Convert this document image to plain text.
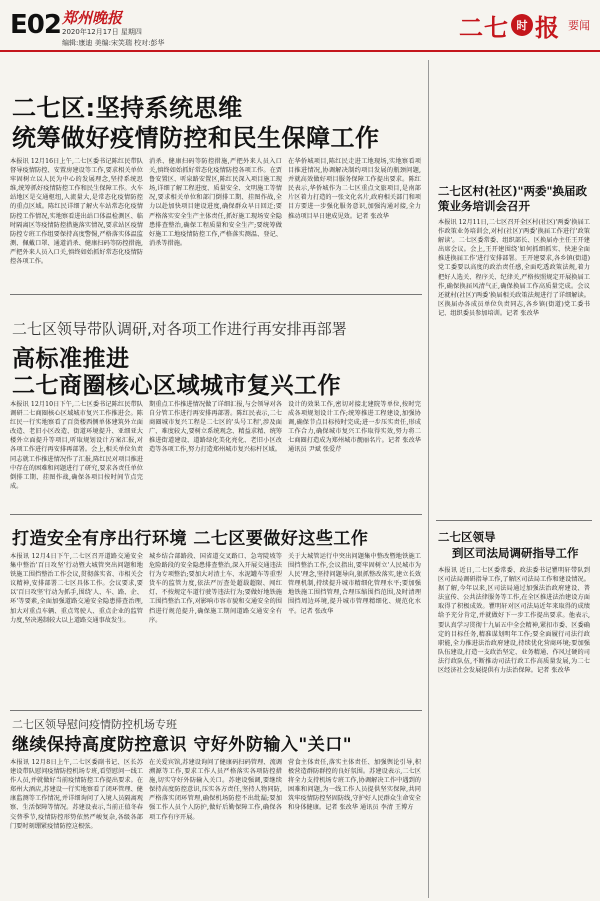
E02 郑州晚报
2020年12月17日 星期四
编辑:康迪 美编:宋笑瑞 校对:彭华
二七 时 报 要闻
二七区:坚持系统思维
统筹做好疫情防控和民生保障工作
本报讯 12月16日上午,二七区委书记陈红民带队督导疫情防控、安置房建设等工作,要求相关单位牢固树立以人民为中心的发展理念,坚持系统思维,统筹抓好疫情防控工作和民生保障工作。火车站地区是交通枢纽,人流量大,是常态化疫情防控的重点区域。陈红民详细了解火车站常态化疫情防控工作情况,实地察看进出站口体温检测区、临时隔离区等疫情防控措施落实情况,要求站区疫情防控专班工作组要保持高度警惕,严格落实体温监测、佩戴口罩、通道消杀、健康扫码等防控措施,严把外来人员入口关,慎终如始抓好常态化疫情防控各项工作。
消杀、健康扫码等防控措施,严把外来人员入口关,慎终如始抓好常态化疫情防控各项工作。在贾鲁安置区、听泉路安置区,陈红民深入项目施工现场,详细了解工程进度、质量安全、文明施工等情况,要求相关单位和部门倒排工期、挂图作战,全力以赴加快项目建设进度,确保群众早日回迁;要严格落实安全生产主体责任,抓好施工现场安全隐患排查整治,确保工程质量和安全生产;要统筹做好施工工地疫情防控工作,严格落实测温、登记、消杀等措施。
在华侨城项目,陈红民走进工地现场,实地察看项目推进情况,协调解决制约项目发展的瓶颈问题,并就高效做好项目服务保障工作提出要求。陈红民表示,华侨城作为二七区重点文旅项目,是南部片区着力打造的一张文化名片,政府相关部门和项目方要进一步强化服务意识,加强沟通对接,全力推动项目早日建成见效。记者 张改华
二七区村(社区)"两委"换届政策业务培训会召开
本报讯 12月11日,二七区召开全区村(社区)'两委'换届工作政策业务培训会,对村(社区)'两委'换届工作进行'政策解读'。二七区委常委、组织部长、区换届办主任王开建出席会议。会上,王开建围绕'如何抓细抓实、快速全面推进换届工作'进行安排部署。王开建要求,各乡镇(街道)党工委要以高度的政治责任感,全面吃透政策法规,着力把好人选关、程序关、纪律关,严格按照规定开展换届工作,确保换届风清气正,确保换届工作高质量完成。会议还就村(社区)'两委'换届相关政策法规进行了详细解读。区换届办各成员单位负责同志,各乡镇(街道)党工委书记、组织委员参加培训。记者 张改华
二七区领导带队调研,对各项工作进行再安排再部署
高标准推进
二七商圈核心区域城市复兴工作
本报讯 12月10日下午,二七区委书记陈红民带队调研二七商圈核心区域城市复兴工作推进会。陈红民一行实地察看了百货楼西侧单体建筑外立面改造、老旧小区改造、街道环境提升、亚细亚大楼外立面提升等项目,听取规划设计方案汇报,对各项工作进行再安排再部署。会上,相关单位负责同志就工作推进情况作了汇报,陈红民对项目推进中存在的困难和问题进行了研究,要求各责任单位倒排工期、挂图作战,确保各项目按时间节点完成。
期重点工作推进情况做了详细汇报,与会领导对各自分管工作进行再安排再部署。陈红民表示,二七商圈城市复兴工程是二七区的'头号工程',涉及面广、难度较大,要树立系统观念、精益求精、统筹推进街道建设、道路绿化美化亮化、老旧小区改造等各项工作,努力打造郑州城市复兴标杆区域。
设计的效果工作,密切对接北建院等单位,按时完成各项规划设计工作;统筹推进工程建设,加强协调,确保节点目标按时完成;进一步压实责任,形成工作合力,确保城市复兴工作取得实效,努力将二七商圈打造成为郑州城市靓丽名片。记者 张改华 通讯员 尹斌 张爱芹
打造安全有序出行环境 二七区要做好这些工作
本报讯 12月4日下午,二七区召开道路交通安全集中整治'百日攻坚'行动暨大城管突出问题和地铁施工围挡整治工作会议,贯彻落实省、市相关会议精神,安排部署二七区具体工作。会议要求,要以'百日攻坚'行动为抓手,围绕'人、车、路、企、环'等要素,全面加强道路交通安全隐患排查治理,加大对重点车辆、重点驾驶人、重点企业的监管力度,坚决遏制较大以上道路交通事故发生。
城乡结合部路段、国省道交叉路口、急弯陡坡等危险路段的安全隐患排查整治,深入开展交通违法行为专项整治;要加大对渣土车、水泥罐车等重型货车的监管力度,依法严厉查处超载超限、闯红灯、不按规定车道行驶等违法行为;要做好地铁施工围挡整治工作,对影响市容市貌和交通安全的围挡进行规范提升,确保施工期间道路交通安全有序。
关于大城管运行中突出问题集中整改暨地铁施工围挡整治工作,会议指出,要牢固树立'人民城市为人民'理念,坚持问题导向,狠抓整改落实,建立长效管理机制,持续提升城市精细化管理水平;要加强地铁施工围挡管理,合理压缩围挡范围,及时清理围挡周边环境,提升城市管理精细化、规范化水平。记者 张改华
二七区领导
到区司法局调研指导工作
本报讯 近日,二七区委常委、政法委书记瞿明轩带队到区司法局调研指导工作,了解区司法局工作和建设情况。据了解,今年以来,区司法局通过加强法治政府建设、普法宣传、公共法律服务等工作,在全区推进法治建设方面取得了积极成效。瞿明轩对区司法局近年来取得的成绩给予充分肯定,并就做好下一步工作提出要求。他表示,要认真学习贯彻十九届五中全会精神,紧扣市委、区委确定的目标任务,精准谋划明年工作;要全面履行司法行政职能,全力推进法治政府建设,持续优化营商环境;要加强队伍建设,打造一支政治坚定、业务精通、作风过硬的司法行政队伍,不断推动司法行政工作高质量发展,为二七区经济社会发展提供有力法治保障。记者 张改华
二七区领导慰问疫情防控机场专班
继续保持高度防控意识 守好外防输入"关口"
本报讯 12月8日上午,二七区委副书记、区长苏建设带队慰问疫情防控机场专班,看望慰问一线工作人员,并就做好当前疫情防控工作提出要求。在郑州大酒店,苏建设一行实地察看了闭环管理、健康监测等工作情况,并详细询问了入境人员隔离观察、生活保障等情况。苏建设表示,当前正值冬春交替季节,疫情防控形势依然严峻复杂,各级各部门要时刻绷紧疫情防控这根弦。
在关爱宾馆,苏建设询问了健康码扫码管理、流调溯源等工作,要求工作人员严格落实各项防控措施,切实守好外防输入关口。苏建设强调,要继续保持高度防控意识,压实各方责任,坚持人物同防,严格落实闭环管理,确保机场防控不出纰漏;要加强工作人员个人防护,做好后勤保障工作,确保各项工作有序开展。
营食主体责任,落实主体责任、加强舆论引导,积极营造群防群控的良好氛围。苏建设表示,二七区将全力支持机场专班工作,协调解决工作中遇到的困难和问题,为一线工作人员提供坚实保障,共同筑牢疫情防控坚固防线,守护好人民群众生命安全和身体健康。记者 张改华 通讯员 李清 王博方
